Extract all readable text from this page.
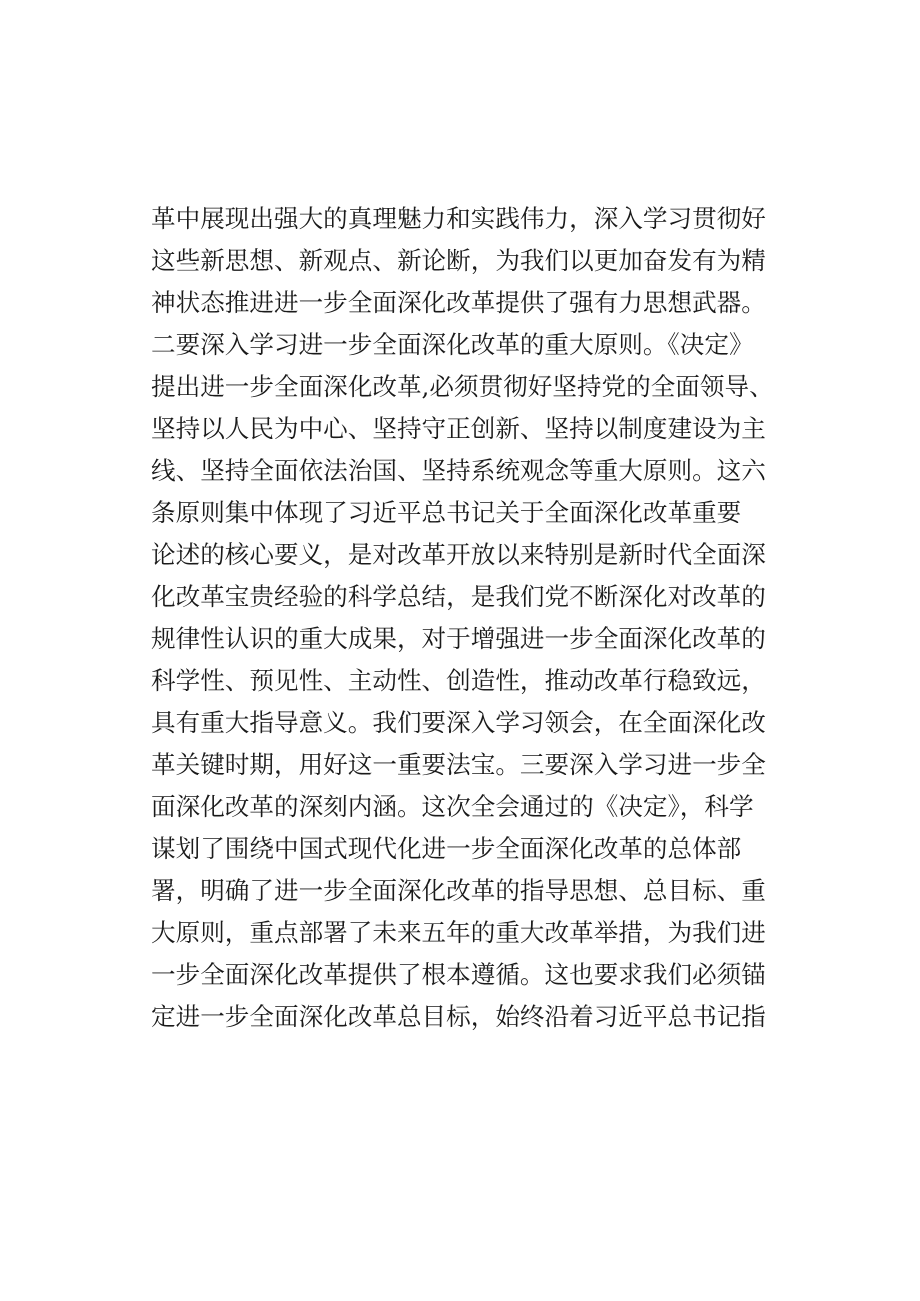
革中展现出强大的真理魅力和实践伟力，深入学习贯彻好
这些新思想、新观点、新论断，为我们以更加奋发有为精
神状态推进进一步全面深化改革提供了强有力思想武器。
二要深入学习进一步全面深化改革的重大原则。《决定》
提出进一步全面深化改革,必须贯彻好坚持党的全面领导、
坚持以人民为中心、坚持守正创新、坚持以制度建设为主
线、坚持全面依法治国、坚持系统观念等重大原则。这六
条原则集中体现了习近平总书记关于全面深化改革重要
论述的核心要义，是对改革开放以来特别是新时代全面深
化改革宝贵经验的科学总结，是我们党不断深化对改革的
规律性认识的重大成果，对于增强进一步全面深化改革的
科学性、预见性、主动性、创造性，推动改革行稳致远，
具有重大指导意义。我们要深入学习领会，在全面深化改
革关键时期，用好这一重要法宝。三要深入学习进一步全
面深化改革的深刻内涵。这次全会通过的《决定》，科学
谋划了围绕中国式现代化进一步全面深化改革的总体部
署，明确了进一步全面深化改革的指导思想、总目标、重
大原则，重点部署了未来五年的重大改革举措，为我们进
一步全面深化改革提供了根本遵循。这也要求我们必须锚
定进一步全面深化改革总目标，始终沿着习近平总书记指
